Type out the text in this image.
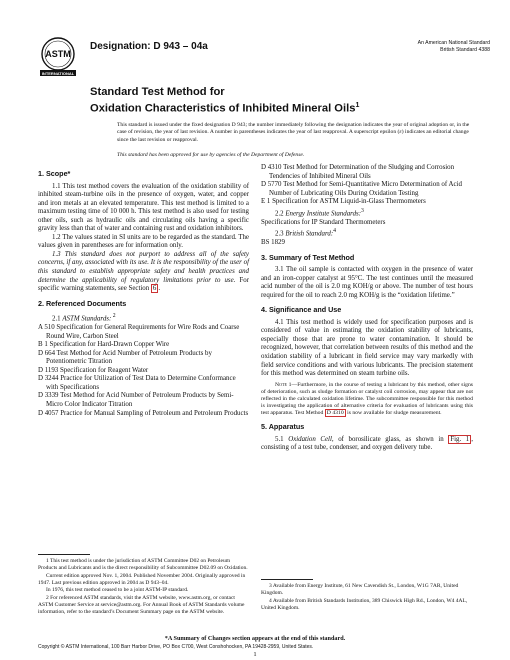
ASTM
INTERNATIONAL
Designation: D 943 – 04a	An American National Standard
British Standard 4388
Standard Test Method for
Oxidation Characteristics of Inhibited Mineral Oils$^1$
This standard is issued under the fixed designation D 943; the number immediately following the designation indicates the year of original adoption or, in the case of revision, the year of last revision. A number in parentheses indicates the year of last reapproval. A superscript epsilon (ε) indicates an editorial change since the last revision or reapproval.
This standard has been approved for use by agencies of the Department of Defense.

1. Scope*

1.1 This test method covers the evaluation of the oxidation stability of inhibited steam-turbine oils in the presence of oxygen, water, and copper and iron metals at an elevated temperature. This test method is limited to a maximum testing time of 10 000 h. This test method is also used for testing other oils, such as hydraulic oils and circulating oils having a specific gravity less than that of water and containing rust and oxidation inhibitors.

1.2 The values stated in SI units are to be regarded as the standard. The values given in parentheses are for information only.

1.3 This standard does not purport to address all of the safety concerns, if any, associated with its use. It is the responsibility of the user of this standard to establish appropriate safety and health practices and determine the applicability of regulatory limitations prior to use. For specific warning statements, see Section 6 .

2. Referenced Documents

2.1 ASTM Standards: $^2$

A 510 Specification for General Requirements for Wire Rods and Coarse Round Wire, Carbon Steel

B 1 Specification for Hard-Drawn Copper Wire

D 664 Test Method for Acid Number of Petroleum Products by Potentiometric Titration

D 1193 Specification for Reagent Water

D 3244 Practice for Utilization of Test Data to Determine Conformance with Specifications

D 3339 Test Method for Acid Number of Petroleum Products by Semi-Micro Color Indicator Titration

D 4057 Practice for Manual Sampling of Petroleum and Petroleum Products

D 4310 Test Method for Determination of the Sludging and Corrosion Tendencies of Inhibited Mineral Oils

D 5770 Test Method for Semi-Quantitative Micro Determination of Acid Number of Lubricating Oils During Oxidation Testing

E 1 Specification for ASTM Liquid-in-Glass Thermometers

2.2 Energy Institute Standards:$^3$

Specifications for IP Standard Thermometers

2.3 British Standard:$^4$

BS 1829

3. Summary of Test Method

3.1 The oil sample is contacted with oxygen in the presence of water and an iron-copper catalyst at 95°C. The test continues until the measured acid number of the oil is 2.0 mg KOH/g or above. The number of test hours required for the oil to reach 2.0 mg KOH/g is the “oxidation lifetime.”

4. Significance and Use

4.1 This test method is widely used for specification purposes and is considered of value in estimating the oxidation stability of lubricants, especially those that are prone to water contamination. It should be recognized, however, that correlation between results of this method and the oxidation stability of a lubricant in field service may vary markedly with field service conditions and with various lubricants. The precision statement for this method was determined on steam turbine oils.

Note 1—Furthermore, in the course of testing a lubricant by this method, other signs of deterioration, such as sludge formation or catalyst coil corrosion, may appear that are not reflected in the calculated oxidation lifetime. The subcommittee responsible for this method is investigating the application of alternative criteria for evaluation of lubricants using this test apparatus. Test Method D 4310 is now available for sludge measurement.

5. Apparatus

5.1 Oxidation Cell, of borosilicate glass, as shown in Fig. 1 , consisting of a test tube, condenser, and oxygen delivery tube.

1 This test method is under the jurisdiction of ASTM Committee D02 on Petroleum Products and Lubricants and is the direct responsibility of Subcommittee D02.09 on Oxidation.

Current edition approved Nov. 1, 2004. Published November 2004. Originally approved in 1947. Last previous edition approved in 2004 as D 943–04.

In 1976, this test method ceased to be a joint ASTM-IP standard.

2 For referenced ASTM standards, visit the ASTM website, www.astm.org, or contact ASTM Customer Service at service@astm.org. For Annual Book of ASTM Standards volume information, refer to the standard’s Document Summary page on the ASTM website.

3 Available from Energy Institute, 61 New Cavendish St., London, W1G 7AR, United Kingdom.

4 Available from British Standards Institution, 389 Chiswick High Rd., London, W4 4AL, United Kingdom.

*A Summary of Changes section appears at the end of this standard.
Copyright © ASTM International, 100 Barr Harbor Drive, PO Box C700, West Conshohocken, PA 19428-2959, United States.
1
